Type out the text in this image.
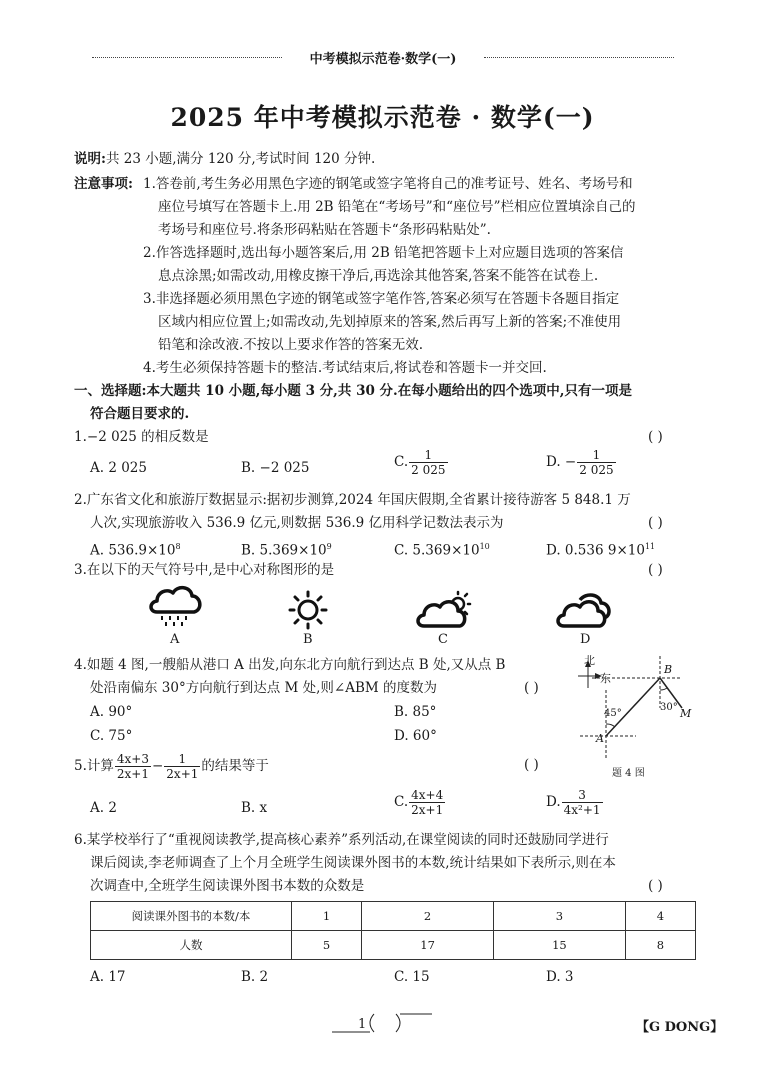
中考模拟示范卷·数学(一)
2025 年中考模拟示范卷 · 数学(一)
说明:共 23 小题,满分 120 分,考试时间 120 分钟.
注意事项: 1.答卷前,考生务必用黑色字迹的钢笔或签字笔将自己的准考证号、姓名、考场号和
座位号填写在答题卡上.用 2B 铅笔在“考场号”和“座位号”栏相应位置填涂自己的
考场号和座位号.将条形码粘贴在答题卡“条形码粘贴处”.
2.作答选择题时,选出每小题答案后,用 2B 铅笔把答题卡上对应题目选项的答案信
息点涂黑;如需改动,用橡皮擦干净后,再选涂其他答案,答案不能答在试卷上.
3.非选择题必须用黑色字迹的钢笔或签字笔作答,答案必须写在答题卡各题目指定
区域内相应位置上;如需改动,先划掉原来的答案,然后再写上新的答案;不准使用
铅笔和涂改液.不按以上要求作答的答案无效.
4.考生必须保持答题卡的整洁.考试结束后,将试卷和答题卡一并交回.
一、选择题:本大题共 10 小题,每小题 3 分,共 30 分.在每小题给出的四个选项中,只有一项是
符合题目要求的.
1.−2 025 的相反数是	( )
A. 2 025	B. −2 025	C. $\frac{1}{2 025}$	D. − $\frac{1}{2 025}$
2.广东省文化和旅游厅数据显示:据初步测算,2024 年国庆假期,全省累计接待游客 5 848.1 万
人次,实现旅游收入 536.9 亿元,则数据 536.9 亿用科学记数法表示为	( )
A. $536.9\times 10^8$	B. $5.369\times 10^9$	C. $5.369\times 10^{10}$	D. 0.536 $9\times 10^{11}$
3.在以下的天气符号中,是中心对称图形的是	( )
A	B	C	D
4.如题 4 图,一艘船从港口 A 出发,向东北方向航行到达点 B 处,又从点 B
处沿南偏东 30°方向航行到达点 M 处,则∠ABM 的度数为	( )
A. 90°	B. 85°
C. 75°	D. 60°
北
东
B
A
M
45°
30°
题 4 图
5.计算 $\frac{4x+3}{2x+1} - \frac{1}{2x+1}$ 的结果等于	( )
A. 2	B. x	C. $\frac{4x+4}{2x+1}$	D. $\frac{3}{\text{4x²+1}}$
6.某学校举行了“重视阅读教学,提高核心素养”系列活动,在课堂阅读的同时还鼓励同学进行
课后阅读,李老师调查了上个月全班学生阅读课外图书的本数,统计结果如下表所示,则在本
次调查中,全班学生阅读课外图书本数的众数是	( )
阅读课外图书的本数/本	1	2	3	4
人数	5	17	15	8
A. 17	B. 2	C. 15	D. 3
1	【G DONG】
